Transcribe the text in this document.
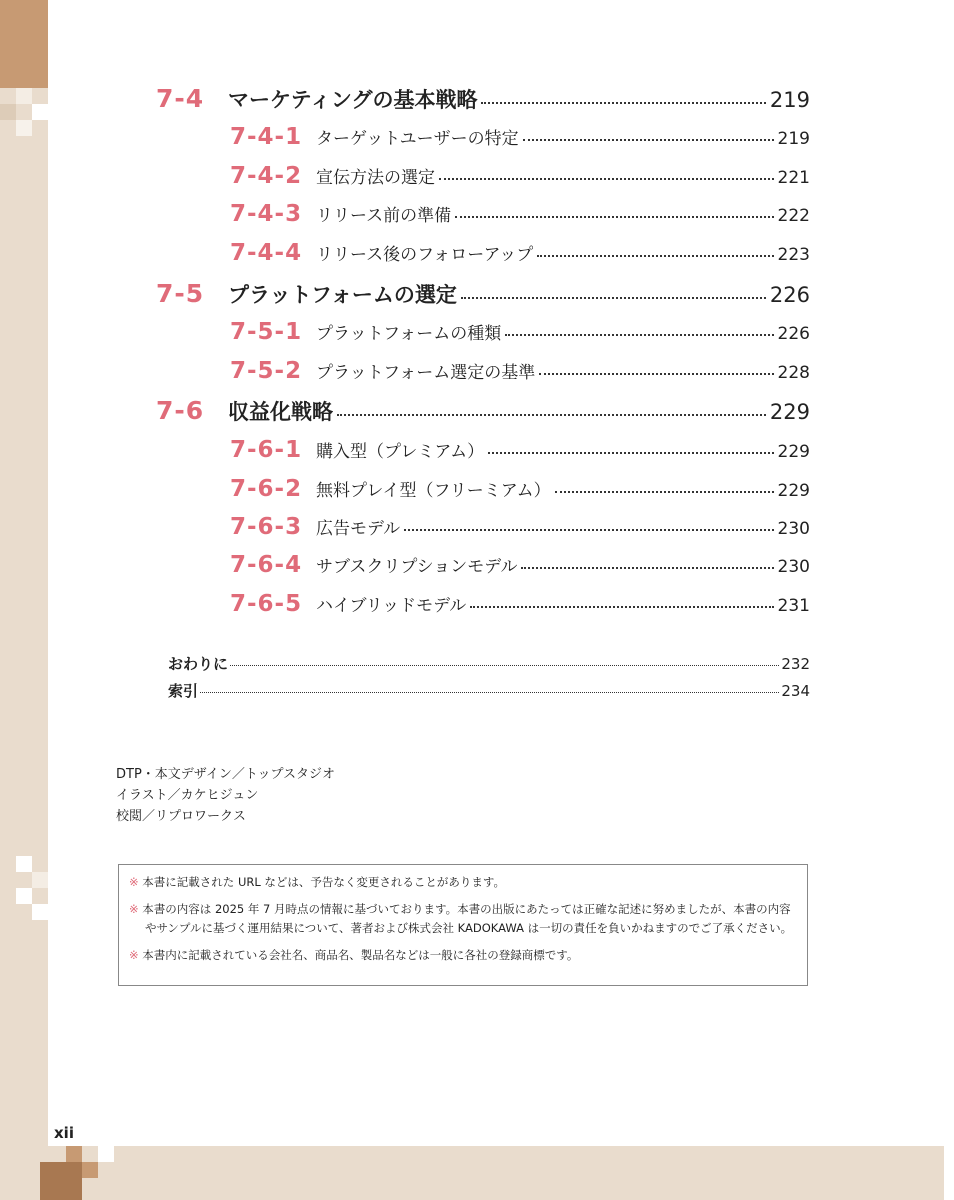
7-4	マーケティングの基本戦略	219
7-4-1 ターゲットユーザーの特定	219
7-4-2 宣伝方法の選定	221
7-4-3 リリース前の準備	222
7-4-4 リリース後のフォローアップ	223
7-5	プラットフォームの選定	226
7-5-1 プラットフォームの種類	226
7-5-2 プラットフォーム選定の基準	228
7-6	収益化戦略	229
7-6-1 購入型（プレミアム）	229
7-6-2 無料プレイ型（フリーミアム）	229
7-6-3 広告モデル	230
7-6-4 サブスクリプションモデル	230
7-6-5 ハイブリッドモデル	231
おわりに	232
索引	234
DTP・本文デザイン／トップスタジオ
イラスト／カケヒジュン
校閲／リプロワークス

※ 本書に記載された URL などは、予告なく変更されることがあります。

※ 本書の内容は 2025 年 7 月時点の情報に基づいております。本書の出版にあたっては正確な記述に努めましたが、本書の内容やサンプルに基づく運用結果について、著者および株式会社 KADOKAWA は一切の責任を負いかねますのでご了承ください。

※ 本書内に記載されている会社名、商品名、製品名などは一般に各社の登録商標です。

xii
